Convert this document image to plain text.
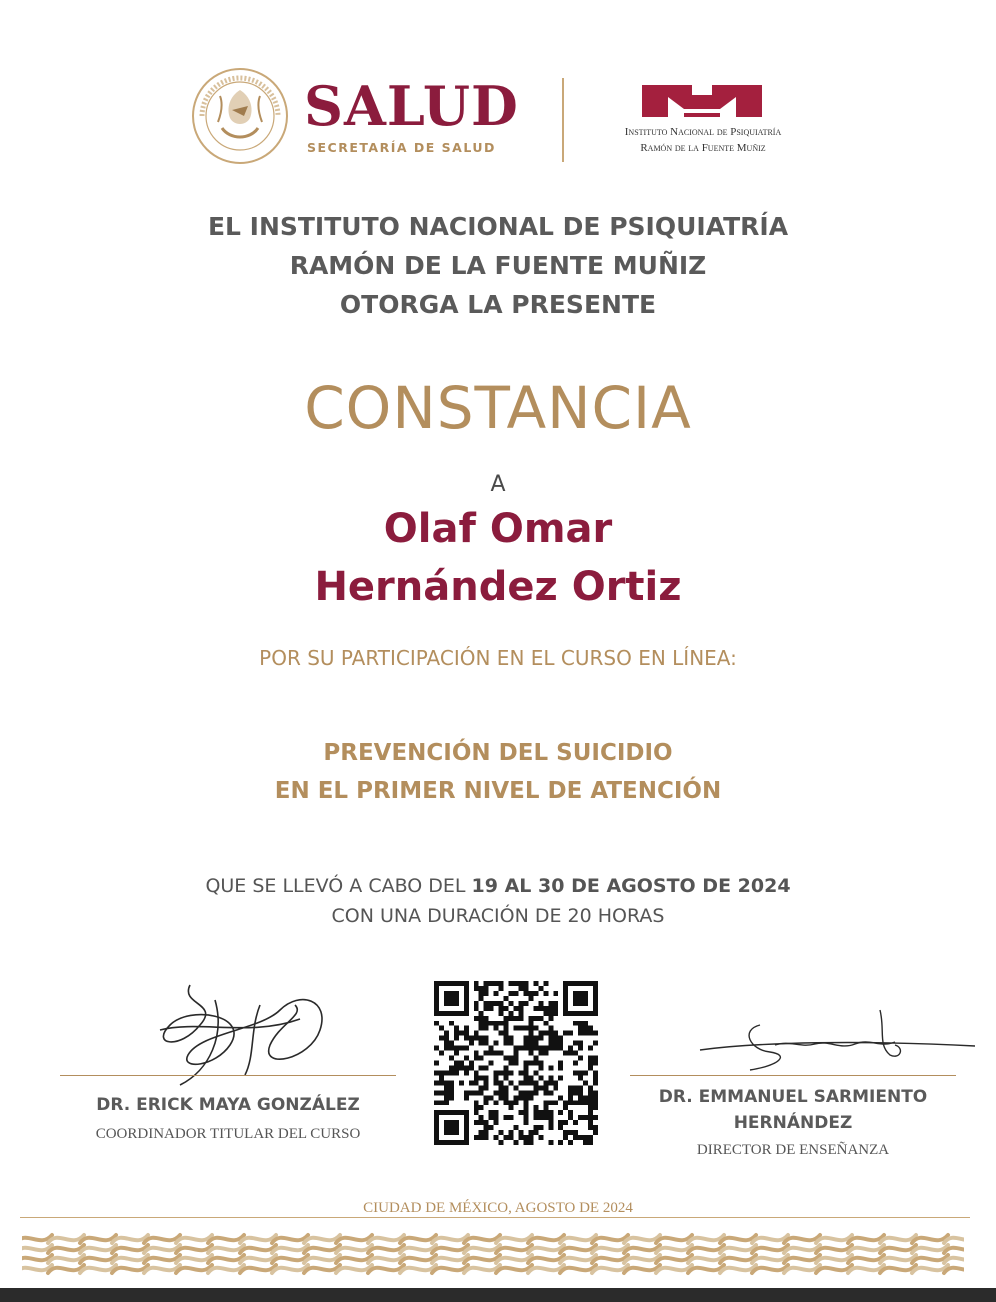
SALUD
SECRETARÍA DE SALUD
Instituto Nacional de Psiquiatría
Ramón de la Fuente Muñiz
EL INSTITUTO NACIONAL DE PSIQUIATRÍA
RAMÓN DE LA FUENTE MUÑIZ
OTORGA LA PRESENTE
CONSTANCIA
A
Olaf Omar
Hernández Ortiz
POR SU PARTICIPACIÓN EN EL CURSO EN LÍNEA:
PREVENCIÓN DEL SUICIDIO
EN EL PRIMER NIVEL DE ATENCIÓN
QUE SE LLEVÓ A CABO DEL 19 AL 30 DE AGOSTO DE 2024
CON UNA DURACIÓN DE 20 HORAS
DR. ERICK MAYA GONZÁLEZ
COORDINADOR TITULAR DEL CURSO
DR. EMMANUEL SARMIENTO
HERNÁNDEZ
DIRECTOR DE ENSEÑANZA
CIUDAD DE MÉXICO, AGOSTO DE 2024
